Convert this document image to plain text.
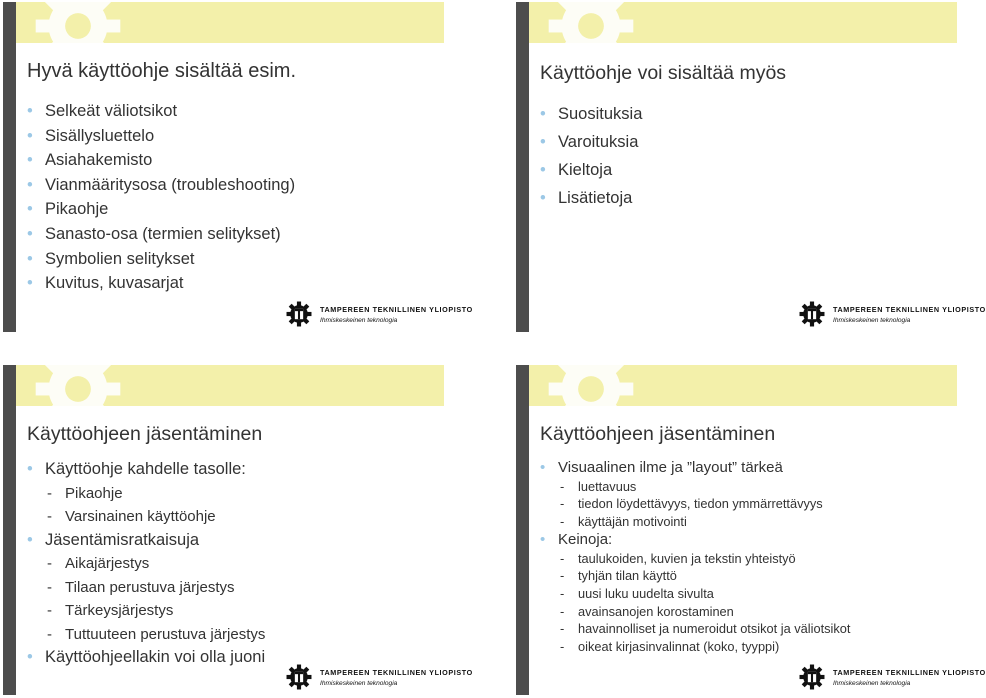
Hyvä käyttöohje sisältää esim.
• Selkeät väliotsikot
• Sisällysluettelo
• Asiahakemisto
• Vianmääritysosa (troubleshooting)
• Pikaohje
• Sanasto-osa (termien selitykset)
• Symbolien selitykset
• Kuvitus, kuvasarjat
TAMPEREEN TEKNILLINEN YLIOPISTO
Ihmiskeskeinen teknologia
Käyttöohje voi sisältää myös
• Suosituksia
• Varoituksia
• Kieltoja
• Lisätietoja
TAMPEREEN TEKNILLINEN YLIOPISTO
Ihmiskeskeinen teknologia
Käyttöohjeen jäsentäminen
• Käyttöohje kahdelle tasolle:
- Pikaohje
- Varsinainen käyttöohje
• Jäsentämisratkaisuja
- Aikajärjestys
- Tilaan perustuva järjestys
- Tärkeysjärjestys
- Tuttuuteen perustuva järjestys
• Käyttöohjeellakin voi olla juoni
TAMPEREEN TEKNILLINEN YLIOPISTO
Ihmiskeskeinen teknologia
Käyttöohjeen jäsentäminen
• Visuaalinen ilme ja ”layout” tärkeä
- luettavuus
- tiedon löydettävyys, tiedon ymmärrettävyys
- käyttäjän motivointi
• Keinoja:
- taulukoiden, kuvien ja tekstin yhteistyö
- tyhjän tilan käyttö
- uusi luku uudelta sivulta
- avainsanojen korostaminen
- havainnolliset ja numeroidut otsikot ja väliotsikot
- oikeat kirjasinvalinnat (koko, tyyppi)
TAMPEREEN TEKNILLINEN YLIOPISTO
Ihmiskeskeinen teknologia
